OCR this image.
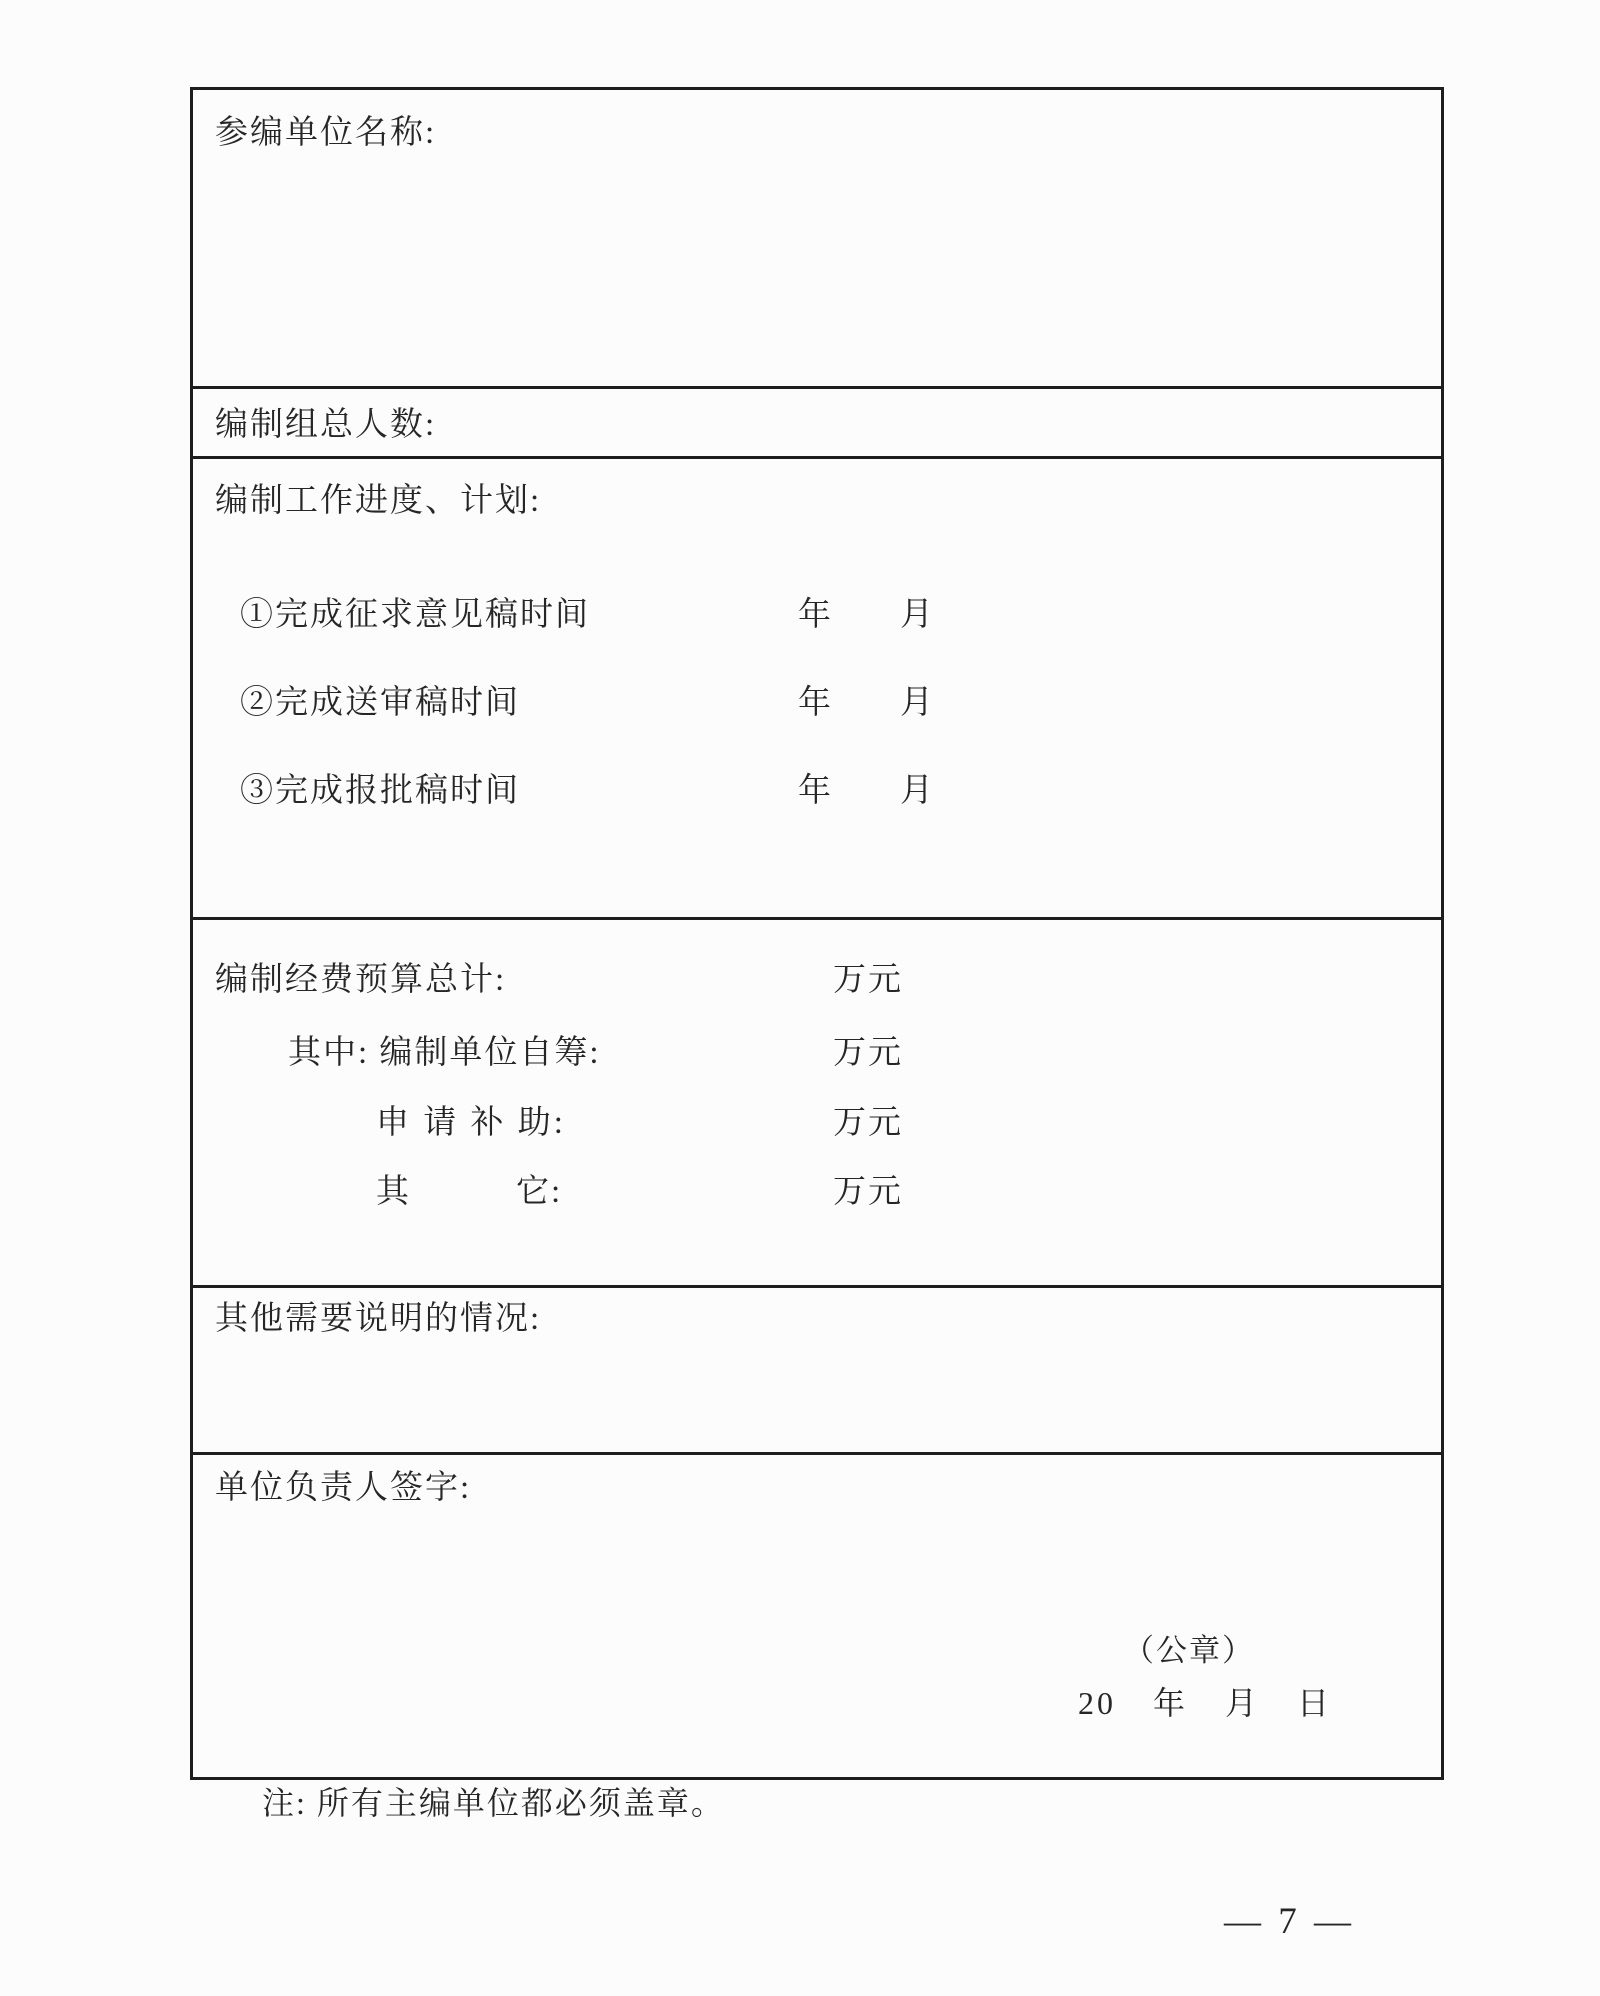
参编单位名称:
编制组总人数:
编制工作进度、计划:
①完成征求意见稿时间	年 月
②完成送审稿时间	年 月
③完成报批稿时间	年 月
编制经费预算总计:	万元
其中: 编制单位自筹:	万元
申 请 补 助:	万元
其　　　它:	万元
其他需要说明的情况:
单位负责人签字:
（公章）
20 年 月 日
注: 所有主编单位都必须盖章。
— 7 —
